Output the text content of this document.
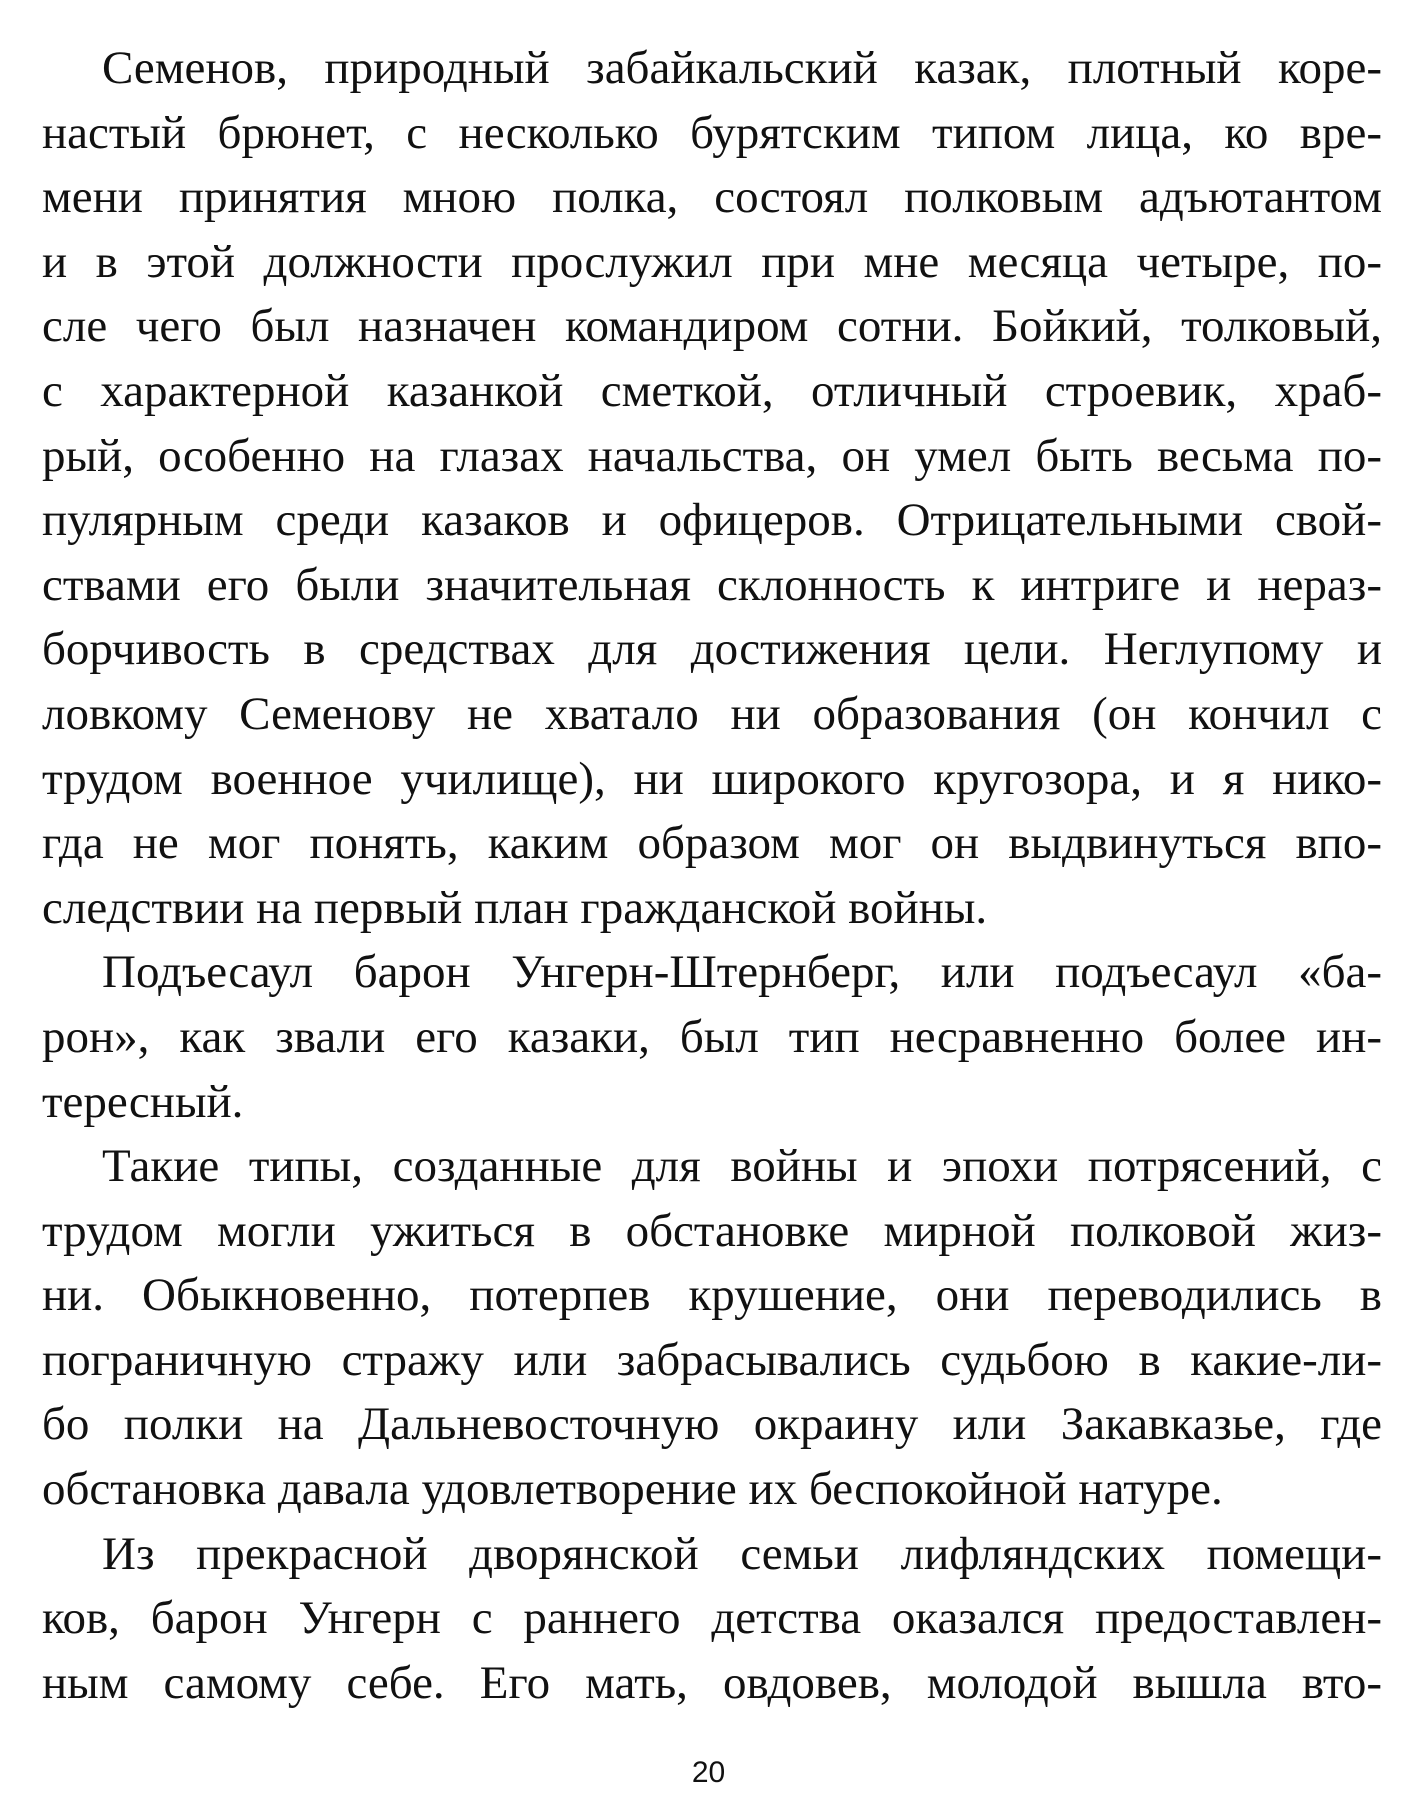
Семенов, природный забайкальский казак, плотный коре-
настый брюнет, с несколько бурятским типом лица, ко вре-
мени принятия мною полка, состоял полковым адъютантом
и в этой должности прослужил при мне месяца четыре, по-
сле чего был назначен командиром сотни. Бойкий, толковый,
с характерной казанкой сметкой, отличный строевик, храб-
рый, особенно на глазах начальства, он умел быть весьма по-
пулярным среди казаков и офицеров. Отрицательными свой-
ствами его были значительная склонность к интриге и нераз-
борчивость в средствах для достижения цели. Неглупому и
ловкому Семенову не хватало ни образования (он кончил с
трудом военное училище), ни широкого кругозора, и я нико-
гда не мог понять, каким образом мог он выдвинуться впо-
следствии на первый план гражданской войны.
Подъесаул барон Унгерн-Штернберг, или подъесаул «ба-
рон», как звали его казаки, был тип несравненно более ин-
тересный.
Такие типы, созданные для войны и эпохи потрясений, с
трудом могли ужиться в обстановке мирной полковой жиз-
ни. Обыкновенно, потерпев крушение, они переводились в
пограничную стражу или забрасывались судьбою в какие-ли-
бо полки на Дальневосточную окраину или Закавказье, где
обстановка давала удовлетворение их беспокойной натуре.
Из прекрасной дворянской семьи лифляндских помещи-
ков, барон Унгерн с раннего детства оказался предоставлен-
ным самому себе. Его мать, овдовев, молодой вышла вто-
20
